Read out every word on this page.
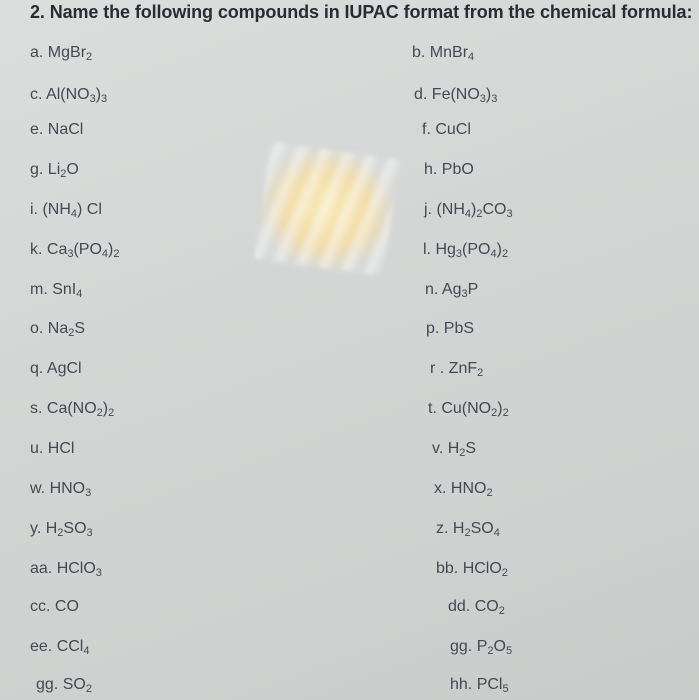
2. Name the following compounds in IUPAC format from the chemical formula:
a. MgBr$_2$	b. MnBr$_4$
c. $Al(NO_3)_3$	d. $Fe(NO_3)_3$
e. NaCl	f. CuCl
g. $Li_2O$	h. PbO
i. $(NH_4)$ Cl	j. $(NH_4)_2CO_3$
k. $Ca_3(PO_4)_2$	l. $Hg_3(PO_4)_2$
m. SnI$_4$	n. $Ag_3P$
o. $Na_2S$	p. PbS
q. AgCl	r . ZnF$_2$
s. $Ca(NO_2)_2$	t. $Cu(NO_2)_2$
u. HCl	v. $H_2S$
w. $HNO_3$	x. $HNO_2$
y. $H_2SO_3$	z. $H_2SO_4$
aa. HClO$_3$	bb. HClO$_2$
cc. CO	dd. $CO_2$
ee. CCl$_4$	gg. $P_2O_5$
gg. $SO_2$	hh. PCl$_5$
